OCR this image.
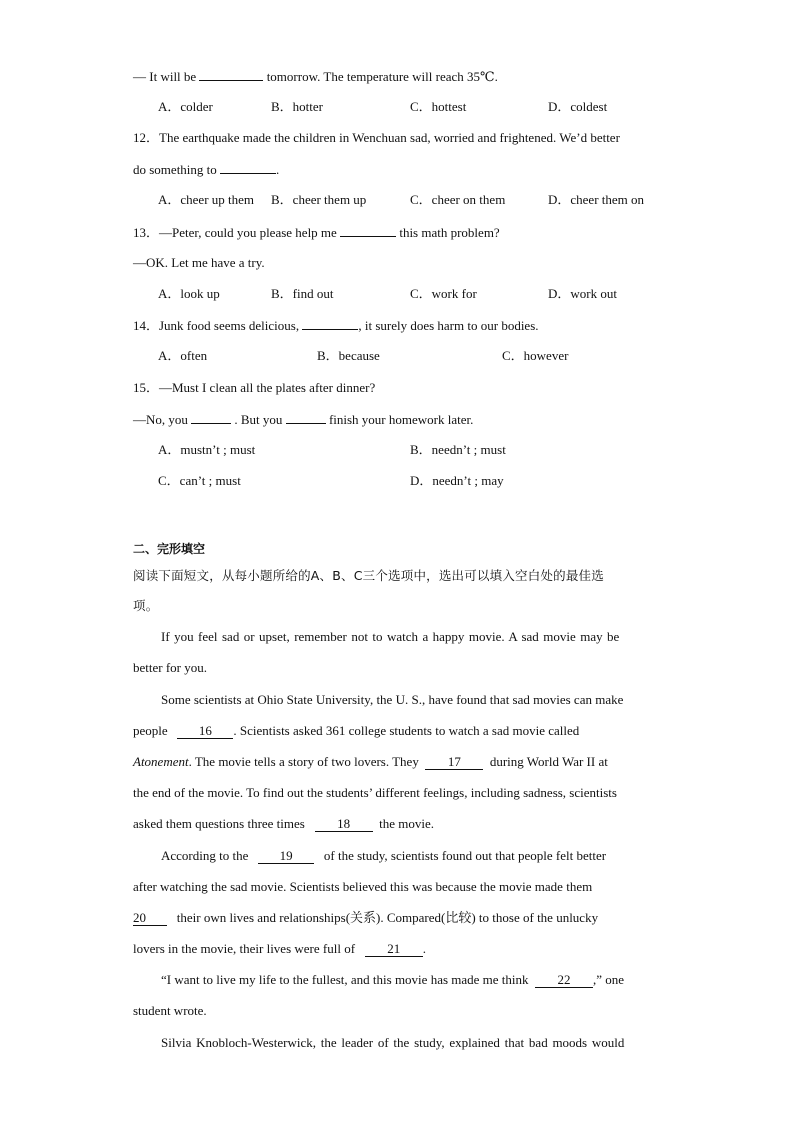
— It will be	tomorrow. The temperature will reach 35℃.
A．colder	B．hotter	C．hottest	D．coldest
12．The earthquake made the children in Wenchuan sad, worried and frightened. We’d better
do something to	.
A．cheer up them B．cheer them up	C．cheer on them	D．cheer them on
13．—Peter, could you please help me	this math problem?
—OK. Let me have a try.
A．look up	B．find out	C．work for	D．work out
14．Junk food seems delicious,	, it surely does harm to our bodies.
A．often	B．because	C．however
15．—Must I clean all the plates after dinner?
—No, you	. But you	finish your homework later.
A．mustn’t ; must	B．needn’t ; must
C．can’t ; must	D．needn’t ; may
二、完形填空
阅读下面短文，从每小题所给的A、B、C三个选项中，选出可以填入空白处的最佳选
项。
If you feel sad or upset, remember not to watch a happy movie. A sad movie may be
better for you.
Some scientists at Ohio State University, the U. S., have found that sad movies can make
people 16 . Scientists asked 361 college students to watch a sad movie called
Atonement. The movie tells a story of two lovers. They 17 during World War II at
the end of the movie. To find out the students’ different feelings, including sadness, scientists
asked them questions three times 18 the movie.
According to the 19 of the study, scientists found out that people felt better
after watching the sad movie. Scientists believed this was because the movie made them
20 their own lives and relationships(关系). Compared(比较) to those of the unlucky
lovers in the movie, their lives were full of 21 .
“I want to live my life to the fullest, and this movie has made me think 22 ,” one
student wrote.
Silvia Knobloch-Westerwick, the leader of the study, explained that bad moods would
